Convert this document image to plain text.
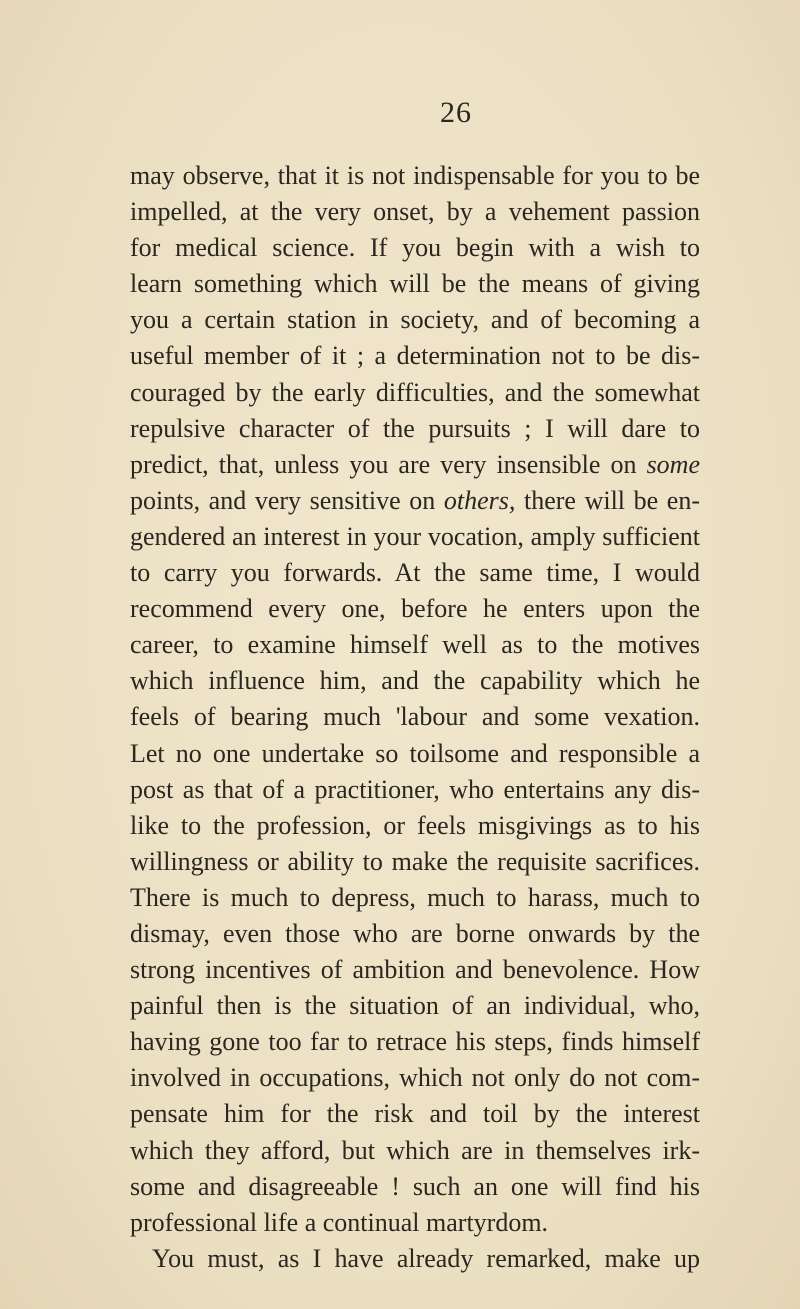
26
may observe, that it is not indispensable for you to be
impelled, at the very onset, by a vehement passion
for medical science. If you begin with a wish to
learn something which will be the means of giving
you a certain station in society, and of becoming a
useful member of it ; a determination not to be dis-
couraged by the early difficulties, and the somewhat
repulsive character of the pursuits ; I will dare to
predict, that, unless you are very insensible on some
points, and very sensitive on others, there will be en-
gendered an interest in your vocation, amply sufficient
to carry you forwards. At the same time, I would
recommend every one, before he enters upon the
career, to examine himself well as to the motives
which influence him, and the capability which he
feels of bearing much 'labour and some vexation.
Let no one undertake so toilsome and responsible a
post as that of a practitioner, who entertains any dis-
like to the profession, or feels misgivings as to his
willingness or ability to make the requisite sacrifices.
There is much to depress, much to harass, much to
dismay, even those who are borne onwards by the
strong incentives of ambition and benevolence. How
painful then is the situation of an individual, who,
having gone too far to retrace his steps, finds himself
involved in occupations, which not only do not com-
pensate him for the risk and toil by the interest
which they afford, but which are in themselves irk-
some and disagreeable ! such an one will find his
professional life a continual martyrdom.
You must, as I have already remarked, make up
